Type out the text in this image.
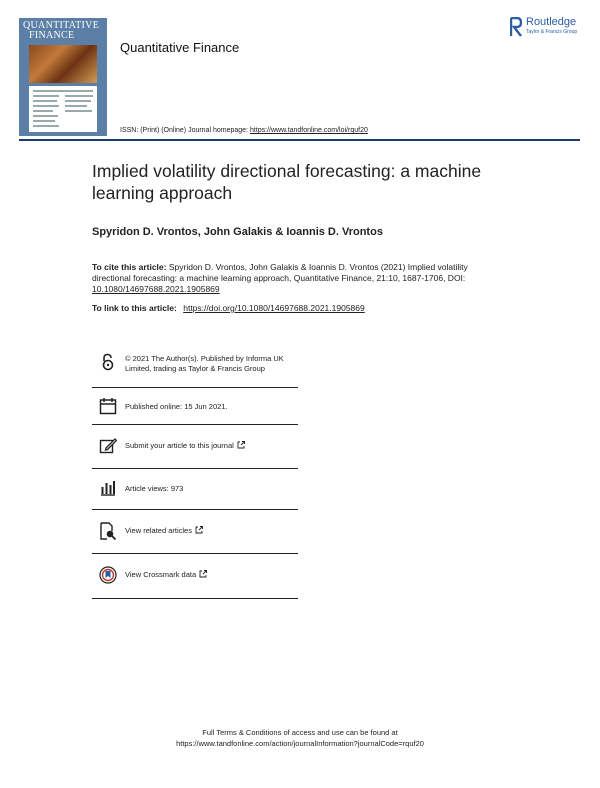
QUANTITATIVE
FINANCE
Quantitative Finance
Routledge
Taylor & Francis Group
ISSN: (Print) (Online) Journal homepage: https://www.tandfonline.com/loi/rquf20
Implied volatility directional forecasting: a machine learning approach
Spyridon D. Vrontos, John Galakis & Ioannis D. Vrontos
To cite this article: Spyridon D. Vrontos, John Galakis & Ioannis D. Vrontos (2021) Implied volatility directional forecasting: a machine learning approach, Quantitative Finance, 21:10, 1687-1706, DOI: 10.1080/14697688.2021.1905869
To link to this article: https://doi.org/10.1080/14697688.2021.1905869
© 2021 The Author(s). Published by Informa UK Limited, trading as Taylor & Francis Group
Published online: 15 Jun 2021.
Submit your article to this journal
Article views: 973
View related articles
View Crossmark data
Full Terms & Conditions of access and use can be found at
https://www.tandfonline.com/action/journalInformation?journalCode=rquf20
